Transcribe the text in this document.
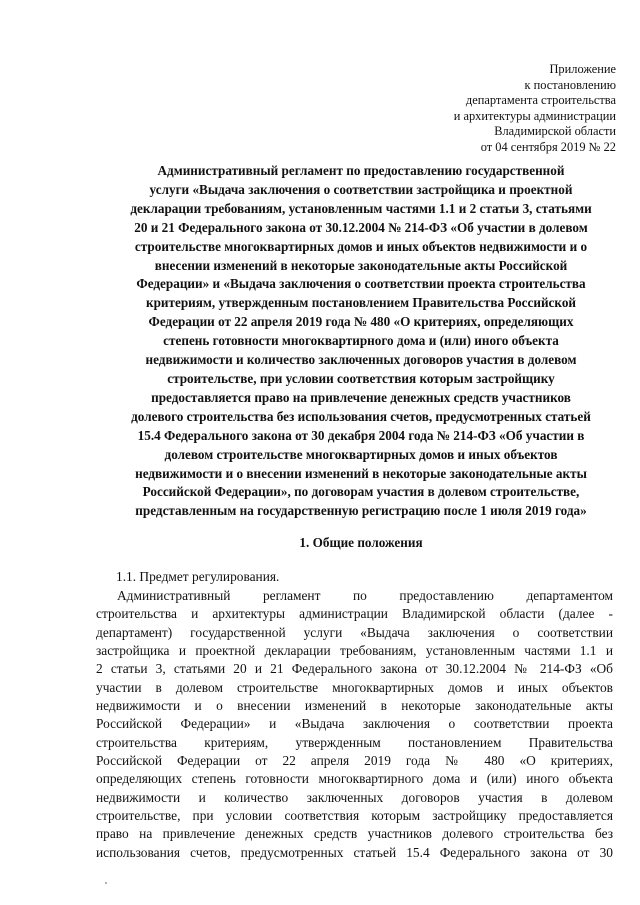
Приложение
к постановлению
департамента строительства
и архитектуры администрации
Владимирской области
от 04 сентября 2019 № 22
Административный регламент по предоставлению государственной
услуги «Выдача заключения о соответствии застройщика и проектной
декларации требованиям, установленным частями 1.1 и 2 статьи 3, статьями
20 и 21 Федерального закона от 30.12.2004 № 214-ФЗ «Об участии в долевом
строительстве многоквартирных домов и иных объектов недвижимости и о
внесении изменений в некоторые законодательные акты Российской
Федерации» и «Выдача заключения о соответствии проекта строительства
критериям, утвержденным постановлением Правительства Российской
Федерации от 22 апреля 2019 года № 480 «О критериях, определяющих
степень готовности многоквартирного дома и (или) иного объекта
недвижимости и количество заключенных договоров участия в долевом
строительстве, при условии соответствия которым застройщику
предоставляется право на привлечение денежных средств участников
долевого строительства без использования счетов, предусмотренных статьей
15.4 Федерального закона от 30 декабря 2004 года № 214-ФЗ «Об участии в
долевом строительстве многоквартирных домов и иных объектов
недвижимости и о внесении изменений в некоторые законодательные акты
Российской Федерации», по договорам участия в долевом строительстве,
представленным на государственную регистрацию после 1 июля 2019 года»
1. Общие положения
1.1. Предмет регулирования.
Административный регламент по предоставлению департаментом
строительства и архитектуры администрации Владимирской области (далее -
департамент) государственной услуги «Выдача заключения о соответствии
застройщика и проектной декларации требованиям, установленным частями 1.1 и
2 статьи 3, статьями 20 и 21 Федерального закона от 30.12.2004 № 214-ФЗ «Об
участии в долевом строительстве многоквартирных домов и иных объектов
недвижимости и о внесении изменений в некоторые законодательные акты
Российской Федерации» и «Выдача заключения о соответствии проекта
строительства критериям, утвержденным постановлением Правительства
Российской Федерации от 22 апреля 2019 года № 480 «О критериях,
определяющих степень готовности многоквартирного дома и (или) иного объекта
недвижимости и количество заключенных договоров участия в долевом
строительстве, при условии соответствия которым застройщику предоставляется
право на привлечение денежных средств участников долевого строительства без
использования счетов, предусмотренных статьей 15.4 Федерального закона от 30
